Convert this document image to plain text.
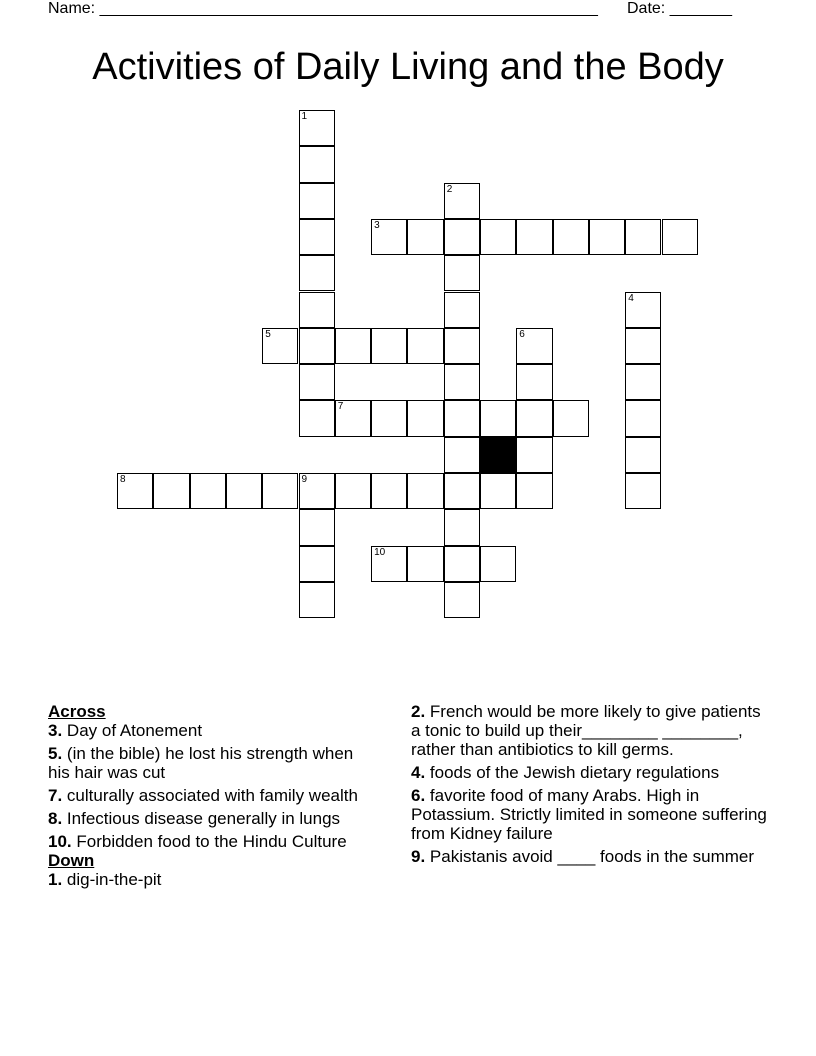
Name: ________________________________________________________ Date: _______
Activities of Daily Living and the Body
1
2
3
4
5	6
7
8	9
10
Across
3. Day of Atonement
5. (in the bible) he lost his strength when his hair was cut
7. culturally associated with family wealth
8. Infectious disease generally in lungs
10. Forbidden food to the Hindu Culture
Down
1. dig-in-the-pit
2. French would be more likely to give patients a tonic to build up their________ ________, rather than antibiotics to kill germs.
4. foods of the Jewish dietary regulations
6. favorite food of many Arabs. High in Potassium. Strictly limited in someone suffering from Kidney failure
9. Pakistanis avoid ____ foods in the summer
